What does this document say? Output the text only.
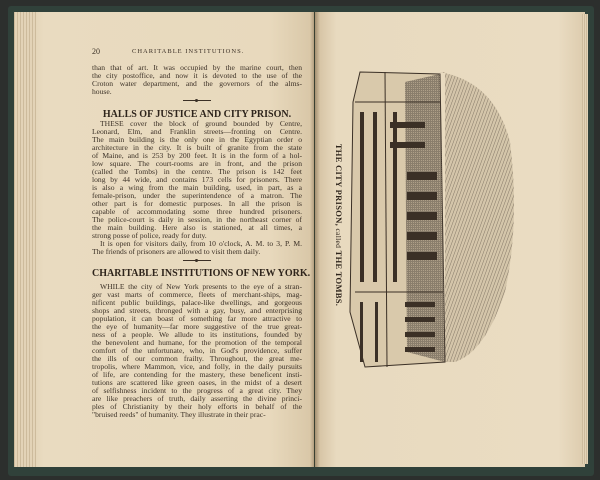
20	CHARITABLE INSTITUTIONS.
than that of art. It was occupied by the marine court, then
the city postoffice, and now it is devoted to the use of the
Croton water department, and the governors of the alms-
house.
HALLS OF JUSTICE AND CITY PRISON.
THESE cover the block of ground bounded by Centre,
Leonard, Elm, and Franklin streets—fronting on Centre.
The main building is the only one in the Egyptian order o
architecture in the city. It is built of granite from the state
of Maine, and is 253 by 200 feet. It is in the form of a hol-
low square. The court-rooms are in front, and the prison
(called the Tombs) in the centre. The prison is 142 feet
long by 44 wide, and contains 173 cells for prisoners. There
is also a wing from the main building, used, in part, as a
female-prison, under the superintendence of a matron. The
other part is for domestic purposes. In all the prison is
capable of accommodating some three hundred prisoners.
The police-court is daily in session, in the northeast corner of
the main building. Here also is stationed, at all times, a
strong posse of police, ready for duty.
It is open for visitors daily, from 10 o'clock, A. M. to 3, P. M.
The friends of prisoners are allowed to visit them daily.
CHARITABLE INSTITUTIONS OF NEW YORK.
WHILE the city of New York presents to the eye of a stran-
ger vast marts of commerce, fleets of merchant-ships, mag-
nificent public buildings, palace-like dwellings, and gorgeous
shops and streets, thronged with a gay, busy, and enterprising
population, it can boast of something far more attractive to
the eye of humanity—far more suggestive of the true great-
ness of a people. We allude to its institutions, founded by
the benevolent and humane, for the promotion of the temporal
comfort of the unfortunate, who, in God's providence, suffer
the ills of our common frailty. Throughout, the great me-
tropolis, where Mammon, vice, and folly, in the daily pursuits
of life, are contending for the mastery, these beneficent insti-
tutions are scattered like green oases, in the midst of a desert
of selfishness incident to the progress of a great city. They
are like preachers of truth, daily asserting the divine princi-
ples of Christianity by their holy efforts in behalf of the
"bruised reeds" of humanity. They illustrate in their prac-
THE CITY PRISON, called THE TOMBS.
